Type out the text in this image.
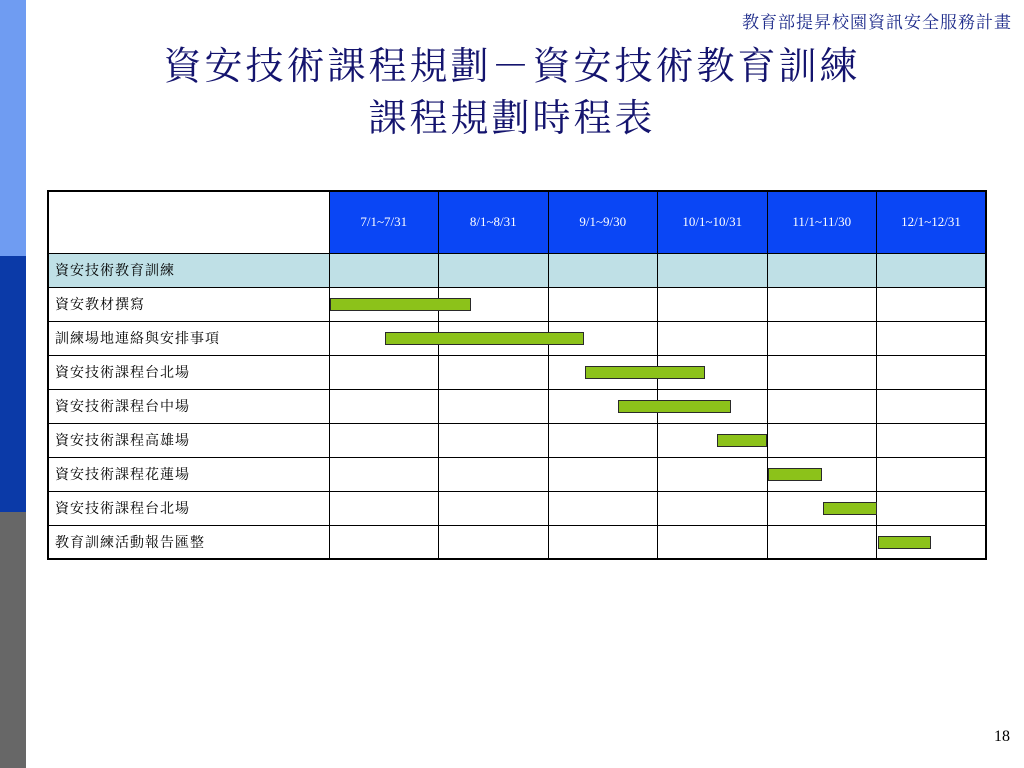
教育部提昇校園資訊安全服務計畫
資安技術課程規劃－資安技術教育訓練
課程規劃時程表
	7/1~7/31	8/1~8/31	9/1~9/30	10/1~10/31	11/1~11/30	12/1~12/31
資安技術教育訓練						
資安教材撰寫						
訓練場地連絡與安排事項						
資安技術課程台北場						
資安技術課程台中場						
資安技術課程高雄場						
資安技術課程花蓮場						
資安技術課程台北場						
教育訓練活動報告匯整						
18
